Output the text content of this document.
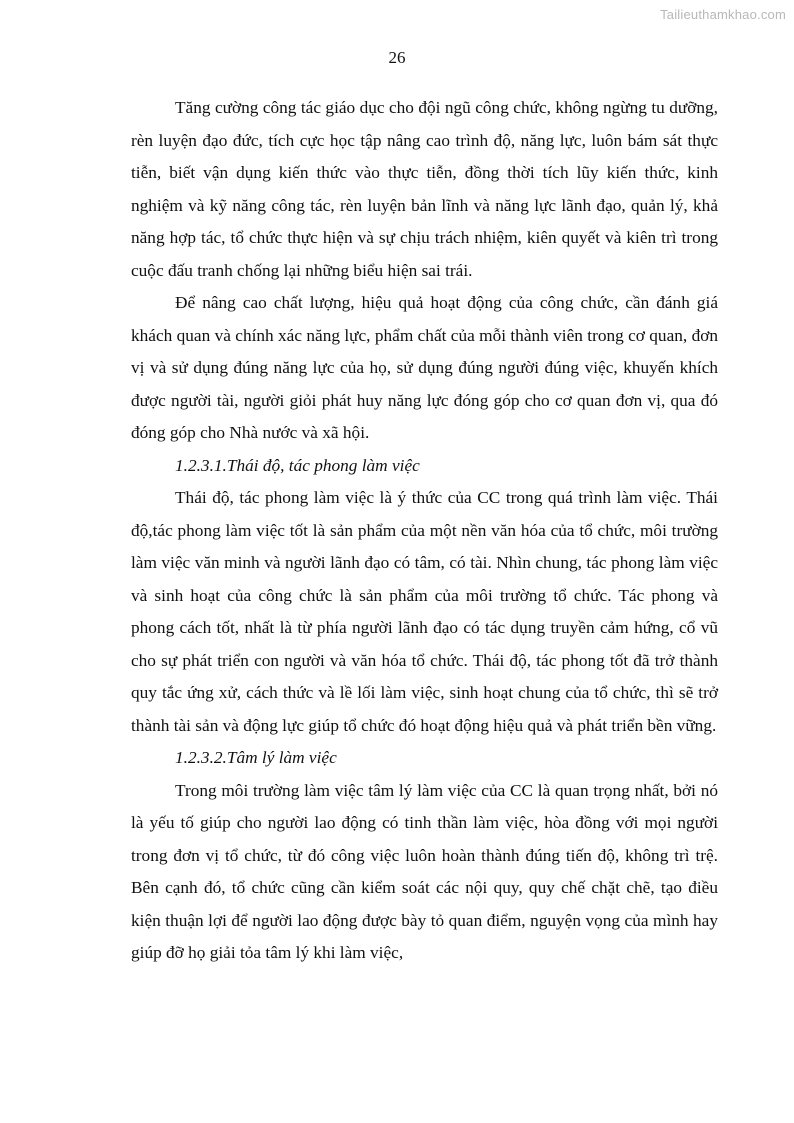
Tailieuthamkhao.com
26

Tăng cường công tác giáo dục cho đội ngũ công chức, không ngừng tu dưỡng, rèn luyện đạo đức, tích cực học tập nâng cao trình độ, năng lực, luôn bám sát thực tiễn, biết vận dụng kiến thức vào thực tiễn, đồng thời tích lũy kiến thức, kinh nghiệm và kỹ năng công tác, rèn luyện bản lĩnh và năng lực lãnh đạo, quản lý, khả năng hợp tác, tổ chức thực hiện và sự chịu trách nhiệm, kiên quyết và kiên trì trong cuộc đấu tranh chống lại những biểu hiện sai trái.

Để nâng cao chất lượng, hiệu quả hoạt động của công chức, cần đánh giá khách quan và chính xác năng lực, phẩm chất của mỗi thành viên trong cơ quan, đơn vị và sử dụng đúng năng lực của họ, sử dụng đúng người đúng việc, khuyến khích được người tài, người giỏi phát huy năng lực đóng góp cho cơ quan đơn vị, qua đó đóng góp cho Nhà nước và xã hội.

1.2.3.1.Thái độ, tác phong làm việc

Thái độ, tác phong làm việc là ý thức của CC trong quá trình làm việc. Thái độ,tác phong làm việc tốt là sản phẩm của một nền văn hóa của tổ chức, môi trường làm việc văn minh và người lãnh đạo có tâm, có tài. Nhìn chung, tác phong làm việc và sinh hoạt của công chức là sản phẩm của môi trường tổ chức. Tác phong và phong cách tốt, nhất là từ phía người lãnh đạo có tác dụng truyền cảm hứng, cổ vũ cho sự phát triển con người và văn hóa tổ chức. Thái độ, tác phong tốt đã trở thành quy tắc ứng xử, cách thức và lề lối làm việc, sinh hoạt chung của tổ chức, thì sẽ trở thành tài sản và động lực giúp tổ chức đó hoạt động hiệu quả và phát triển bền vững.

1.2.3.2.Tâm lý làm việc

Trong môi trường làm việc tâm lý làm việc của CC là quan trọng nhất, bởi nó là yếu tố giúp cho người lao động có tinh thần làm việc, hòa đồng với mọi người trong đơn vị tổ chức, từ đó công việc luôn hoàn thành đúng tiến độ, không trì trệ. Bên cạnh đó, tổ chức cũng cần kiểm soát các nội quy, quy chế chặt chẽ, tạo điều kiện thuận lợi để người lao động được bày tỏ quan điểm, nguyện vọng của mình hay giúp đỡ họ giải tỏa tâm lý khi làm việc,
